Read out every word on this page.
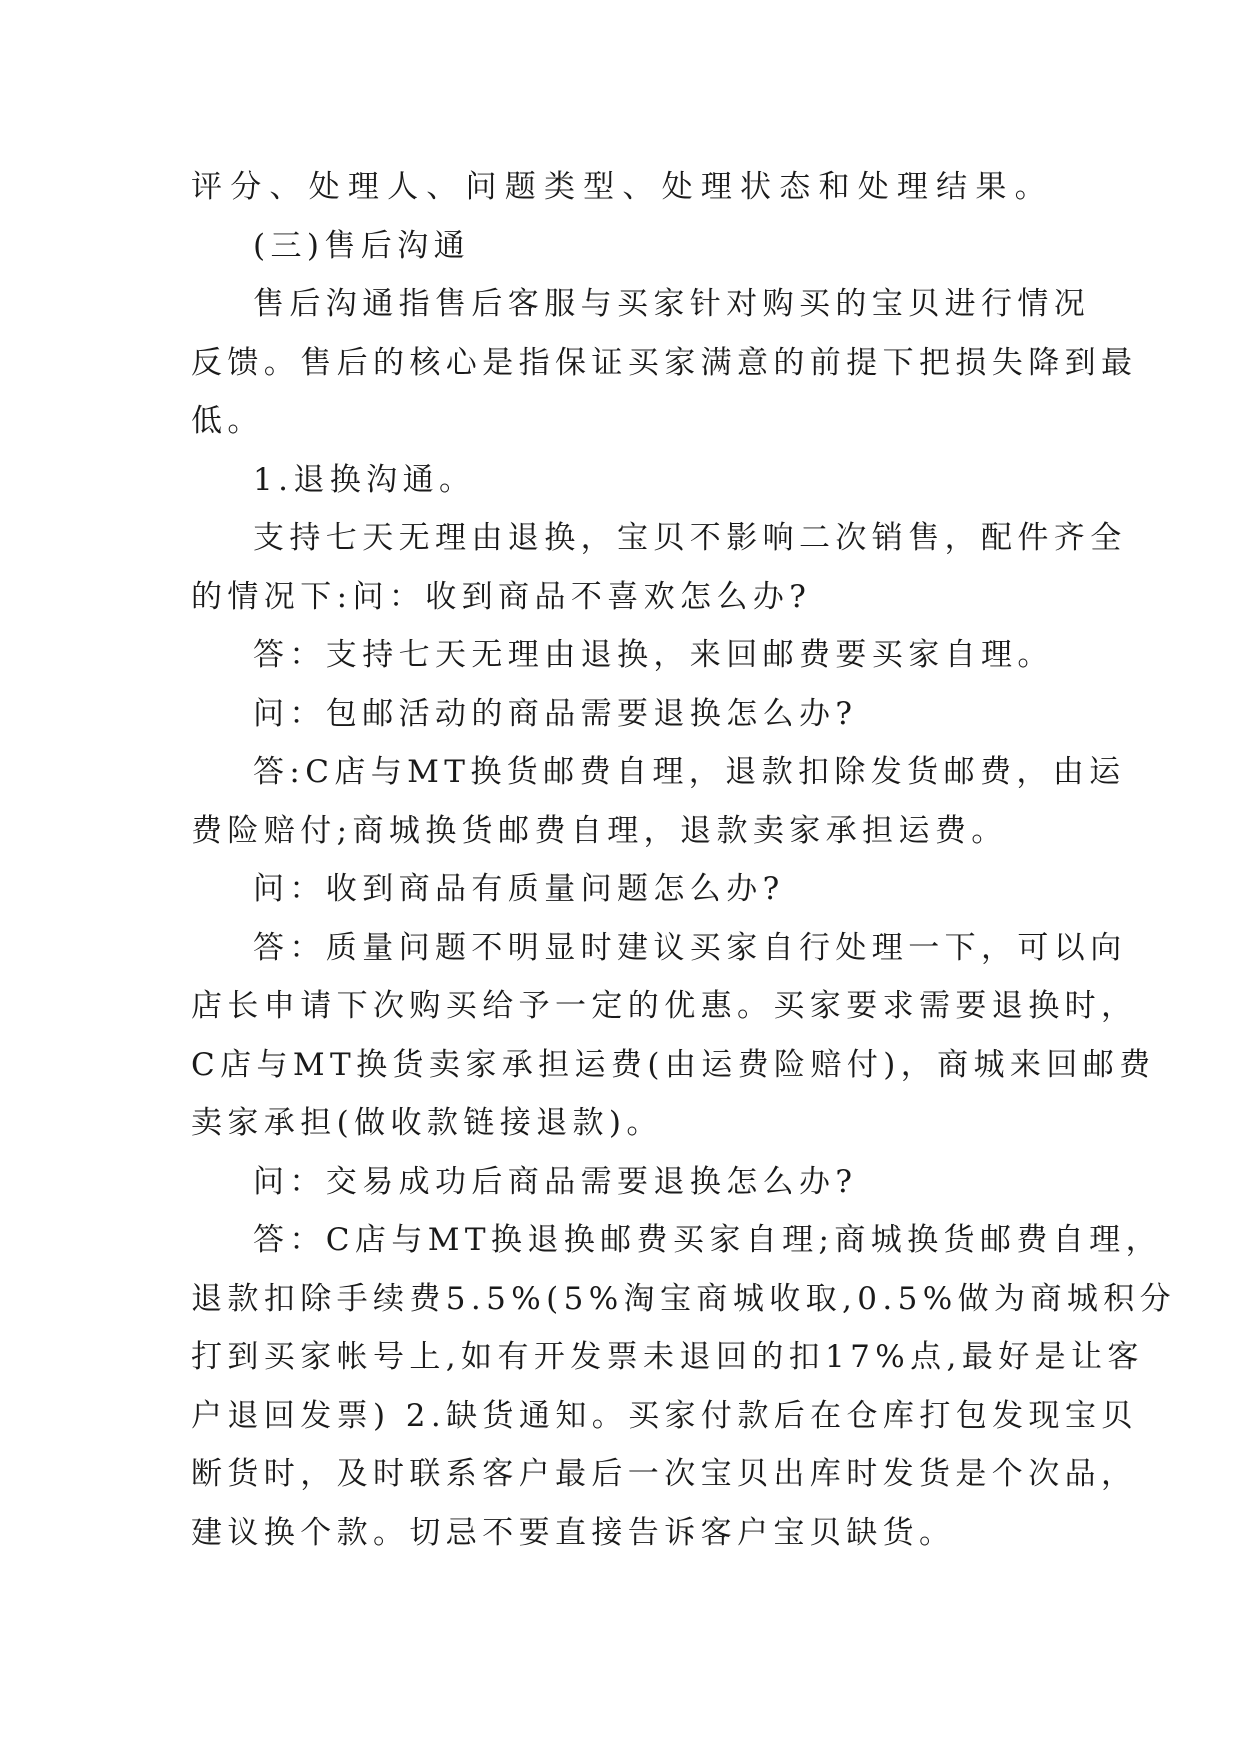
评分、处理人、问题类型、处理状态和处理结果。
(三)售后沟通
售后沟通指售后客服与买家针对购买的宝贝进行情况
反馈。售后的核心是指保证买家满意的前提下把损失降到最
低。
1.退换沟通。
支持七天无理由退换，宝贝不影响二次销售，配件齐全
的情况下:问：收到商品不喜欢怎么办?
答：支持七天无理由退换，来回邮费要买家自理。
问：包邮活动的商品需要退换怎么办?
答:C店与MT换货邮费自理，退款扣除发货邮费，由运
费险赔付;商城换货邮费自理，退款卖家承担运费。
问：收到商品有质量问题怎么办?
答：质量问题不明显时建议买家自行处理一下，可以向
店长申请下次购买给予一定的优惠。买家要求需要退换时，
C店与MT换货卖家承担运费(由运费险赔付)，商城来回邮费
卖家承担(做收款链接退款)。
问：交易成功后商品需要退换怎么办?
答：C店与MT换退换邮费买家自理;商城换货邮费自理，
退款扣除手续费5.5%(5%淘宝商城收取,0.5%做为商城积分
打到买家帐号上,如有开发票未退回的扣17%点,最好是让客
户退回发票) 2.缺货通知。买家付款后在仓库打包发现宝贝
断货时，及时联系客户最后一次宝贝出库时发货是个次品，
建议换个款。切忌不要直接告诉客户宝贝缺货。
